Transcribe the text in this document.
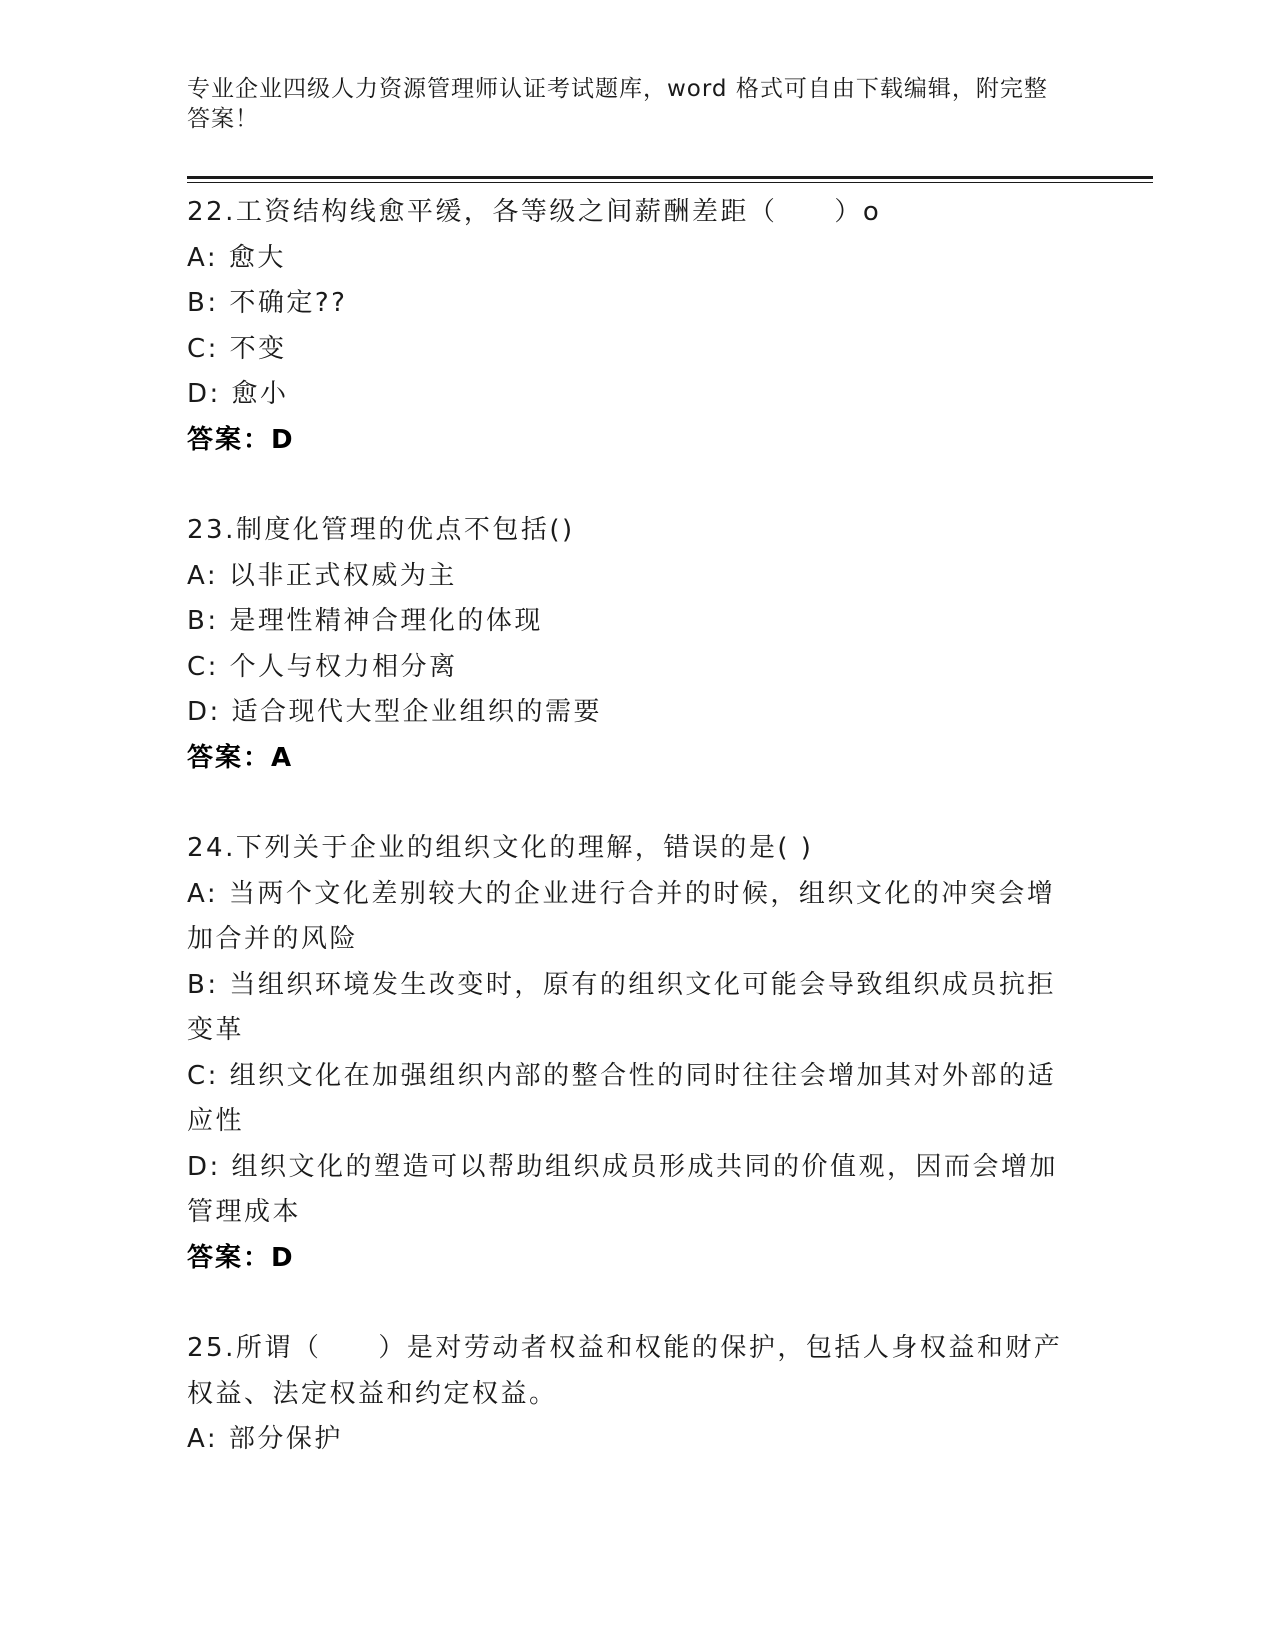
专业企业四级人力资源管理师认证考试题库，word 格式可自由下载编辑，附完整答案！
22.工资结构线愈平缓，各等级之间薪酬差距（　　）o
A: 愈大
B: 不确定??
C: 不变
D: 愈小
答案：D
23.制度化管理的优点不包括()
A: 以非正式权威为主
B: 是理性精神合理化的体现
C: 个人与权力相分离
D: 适合现代大型企业组织的需要
答案：A
24.下列关于企业的组织文化的理解，错误的是( )
A: 当两个文化差别较大的企业进行合并的时候，组织文化的冲突会增加合并的风险
B: 当组织环境发生改变时，原有的组织文化可能会导致组织成员抗拒变革
C: 组织文化在加强组织内部的整合性的同时往往会增加其对外部的适应性
D: 组织文化的塑造可以帮助组织成员形成共同的价值观，因而会增加管理成本
答案：D
25.所谓（　　）是对劳动者权益和权能的保护，包括人身权益和财产权益、法定权益和约定权益。
A: 部分保护
